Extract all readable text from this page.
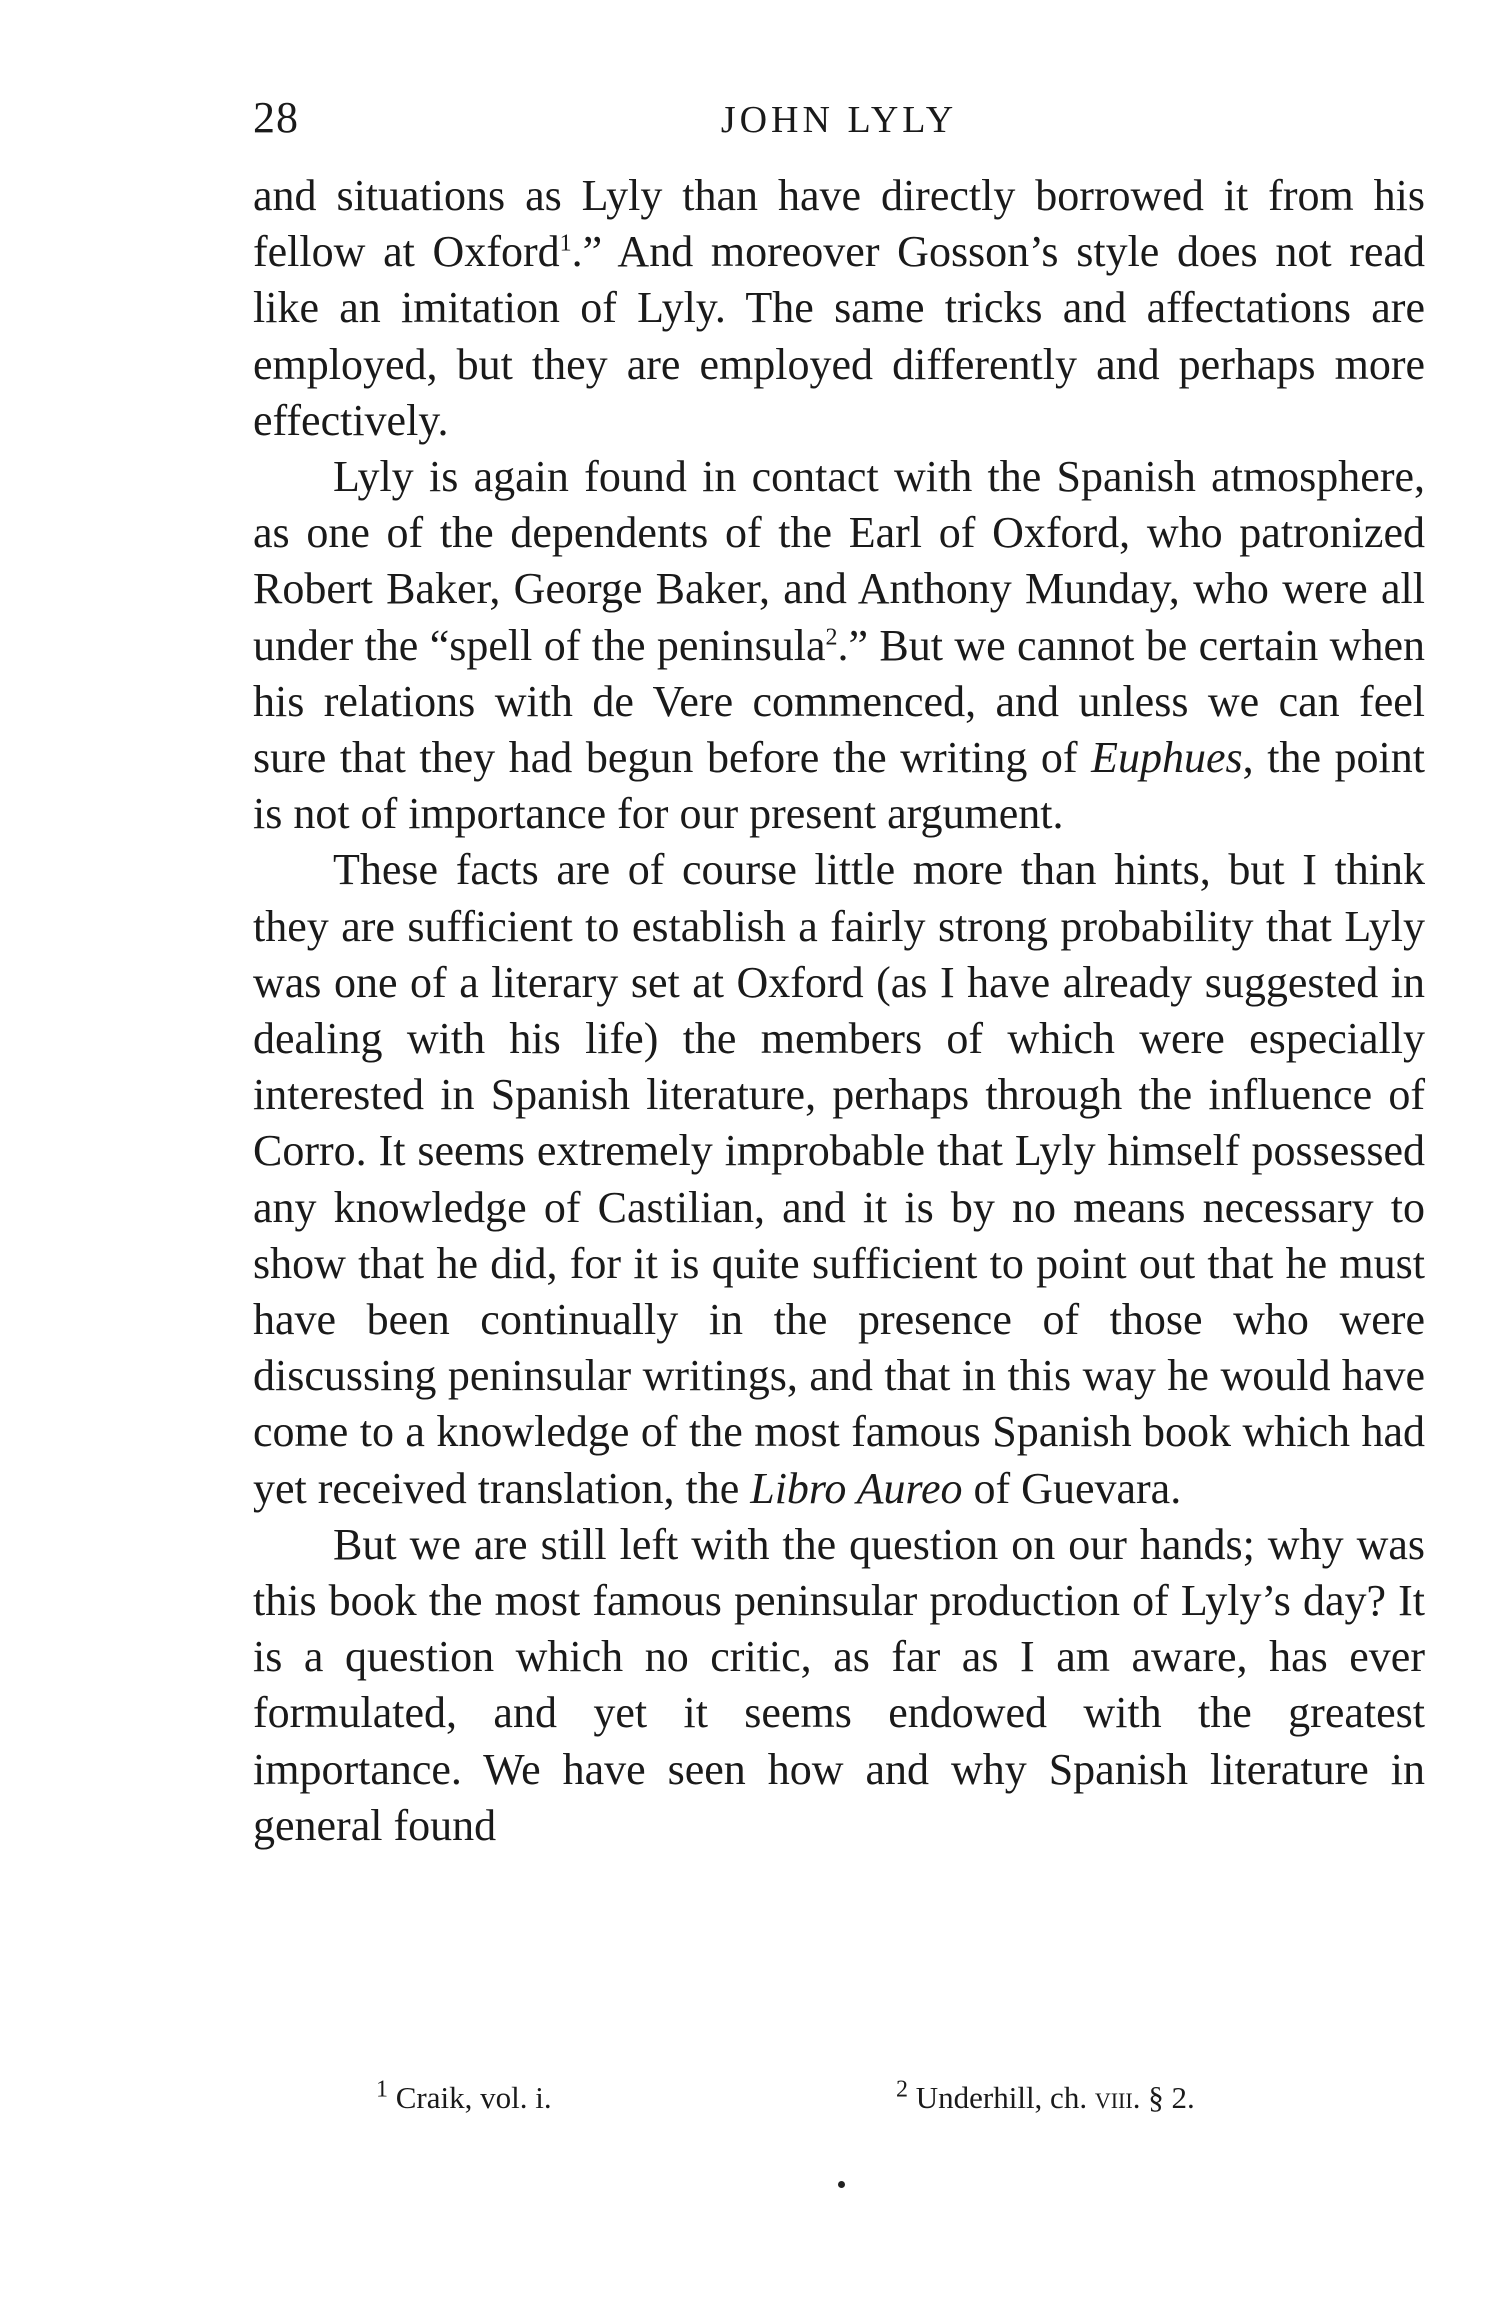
28	JOHN LYLY

and situations as Lyly than have directly borrowed it from his fellow at Oxford$^1$.” And moreover Gosson’s style does not read like an imitation of Lyly. The same tricks and affectations are employed, but they are employed differently and perhaps more effectively.

Lyly is again found in contact with the Spanish atmosphere, as one of the dependents of the Earl of Oxford, who patronized Robert Baker, George Baker, and Anthony Munday, who were all under the “spell of the peninsula$^2$.” But we cannot be certain when his relations with de Vere commenced, and unless we can feel sure that they had begun before the writing of Euphues, the point is not of importance for our present argument.

These facts are of course little more than hints, but I think they are sufficient to establish a fairly strong probability that Lyly was one of a literary set at Oxford (as I have already suggested in dealing with his life) the members of which were especially interested in Spanish literature, perhaps through the influence of Corro. It seems extremely improbable that Lyly himself possessed any knowledge of Castilian, and it is by no means necessary to show that he did, for it is quite sufficient to point out that he must have been continually in the presence of those who were discussing peninsular writings, and that in this way he would have come to a knowledge of the most famous Spanish book which had yet received translation, the Libro Aureo of Guevara.

But we are still left with the question on our hands; why was this book the most famous peninsular production of Lyly’s day? It is a question which no critic, as far as I am aware, has ever formulated, and yet it seems endowed with the greatest importance. We have seen how and why Spanish literature in general found

$^1$ Craik, vol. i.	$^2$ Underhill, ch. viii. § 2.
